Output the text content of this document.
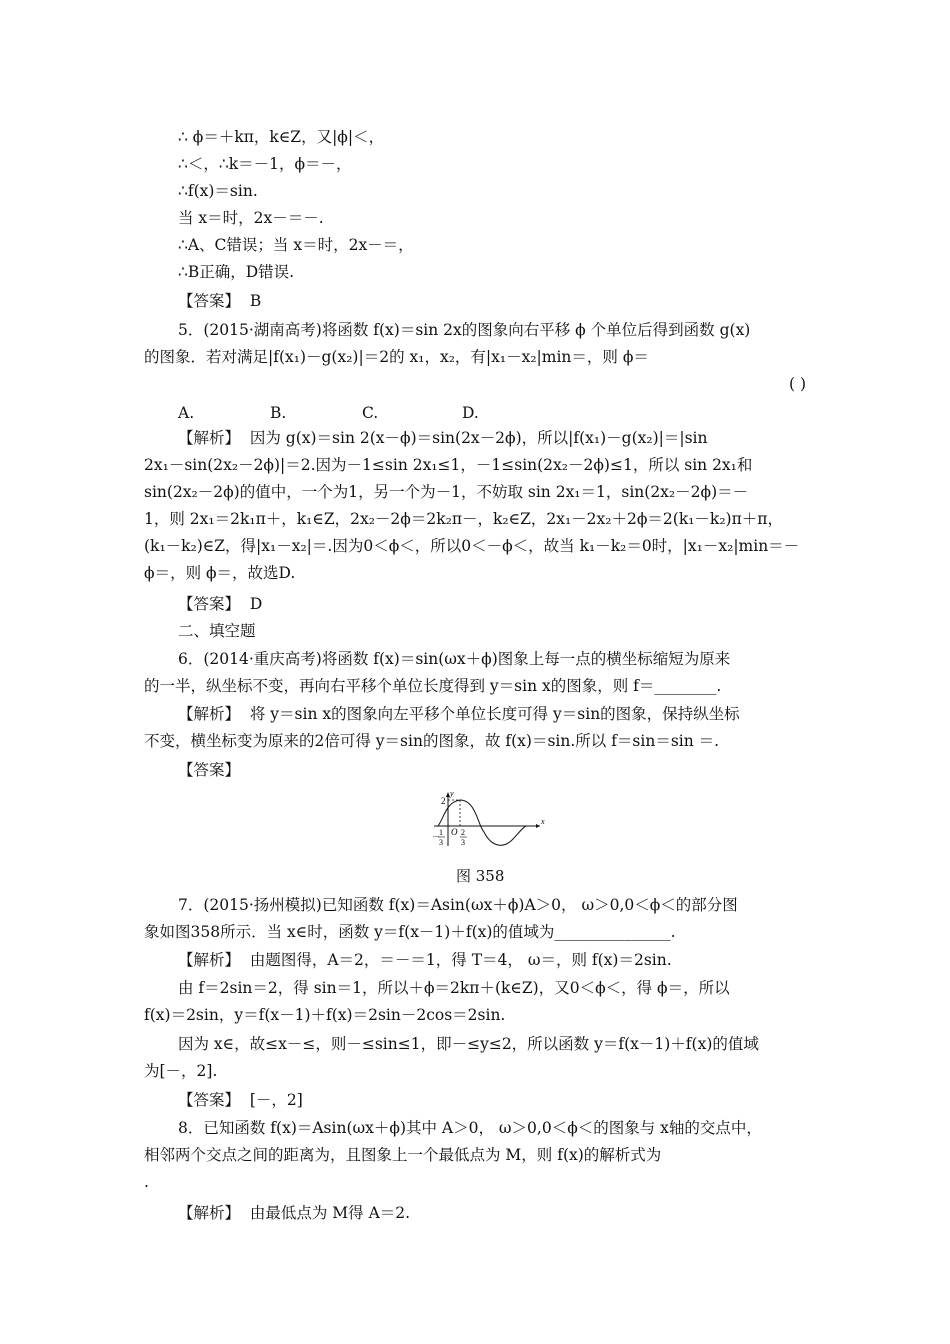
∴ ϕ＝＋kπ，k∈Z，又|ϕ|＜，
∴＜，∴k＝－1，ϕ＝－，
∴f(x)＝sin.
当 x＝时，2x－＝－.
∴A、C错误；当 x＝时，2x－＝，
∴B正确，D错误.
【答案】  B
5．(2015·湖南高考)将函数 f(x)＝sin 2x的图象向右平移 ϕ 个单位后得到函数 g(x)
的图象．若对满足|f(x₁)－g(x₂)|＝2的 x₁，x₂，有|x₁－x₂|min＝，则 ϕ＝
( )
A.	B.	C.	D.
【解析】  因为 g(x)＝sin 2(x－ϕ)＝sin(2x－2ϕ)，所以|f(x₁)－g(x₂)|＝|sin
2x₁－sin(2x₂－2ϕ)|＝2.因为－1≤sin 2x₁≤1，－1≤sin(2x₂－2ϕ)≤1，所以 sin 2x₁和
sin(2x₂－2ϕ)的值中，一个为1，另一个为－1，不妨取 sin 2x₁＝1，sin(2x₂－2ϕ)＝－
1，则 2x₁＝2k₁π＋，k₁∈Z，2x₂－2ϕ＝2k₂π－，k₂∈Z，2x₁－2x₂＋2ϕ＝2(k₁－k₂)π＋π，
(k₁－k₂)∈Z，得|x₁－x₂|＝.因为0＜ϕ＜，所以0＜－ϕ＜，故当 k₁－k₂＝0时，|x₁－x₂|min＝－
ϕ＝，则 ϕ＝，故选D.
【答案】  D
二、填空题
6．(2014·重庆高考)将函数 f(x)＝sin(ωx＋ϕ)图象上每一点的横坐标缩短为原来
的一半，纵坐标不变，再向右平移个单位长度得到 y＝sin x的图象，则 f＝________.
【解析】  将 y＝sin x的图象向左平移个单位长度可得 y＝sin的图象，保持纵坐标
不变，横坐标变为原来的2倍可得 y＝sin的图象，故 f(x)＝sin.所以 f＝sin＝sin ＝.
【答案】
y
x
2
O 2
3
－ 1
3
图 358
7．(2015·扬州模拟)已知函数 f(x)＝Asin(ωx＋ϕ)A＞0， ω＞0,0＜ϕ＜的部分图
象如图358所示．当 x∈时，函数 y＝f(x－1)＋f(x)的值域为_______________.
【解析】  由题图得，A＝2，＝－＝1，得 T＝4， ω＝，则 f(x)＝2sin.
由 f＝2sin＝2，得 sin＝1，所以＋ϕ＝2kπ＋(k∈Z)，又0＜ϕ＜，得 ϕ＝，所以
f(x)＝2sin，y＝f(x－1)＋f(x)＝2sin－2cos＝2sin.
因为 x∈，故≤x－≤，则－≤sin≤1，即－≤y≤2，所以函数 y＝f(x－1)＋f(x)的值域
为[－，2].
【答案】  [－，2]
8．已知函数 f(x)＝Asin(ωx＋ϕ)其中 A＞0， ω＞0,0＜ϕ＜的图象与 x轴的交点中，
相邻两个交点之间的距离为，且图象上一个最低点为 M，则 f(x)的解析式为
.
【解析】  由最低点为 M得 A＝2.
